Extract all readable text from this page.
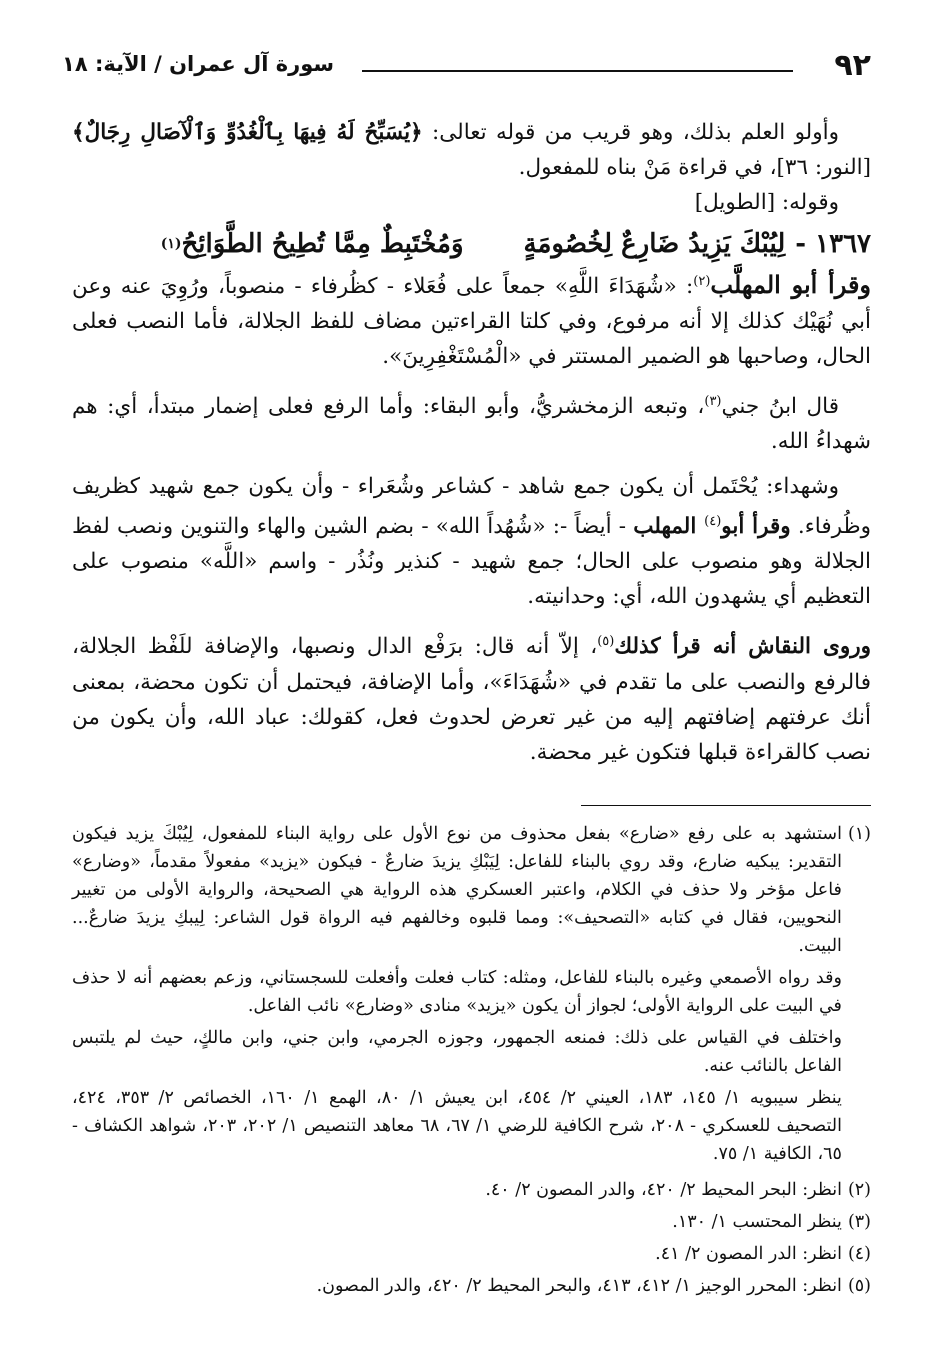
٩٢
سورة آل عمران / الآية: ١٨

وأولو العلم بذلك، وهو قريب من قوله تعالى: ﴿يُسَبِّحُ لَهُ فِيهَا بِٱلْغُدُوِّ وَٱلْآصَالِ رِجَالٌ﴾ [النور: ٣٦]، في قراءة مَنْ بناه للمفعول.

وقوله: [الطويل]

١٣٦٧ -
لِيُبْكَ يَزِيدُ ضَارِعٌ لِخُصُومَةٍ
وَمُخْتَبِطٌ مِمَّا تُطِيحُ الطَّوَائِحُ
(١)

وقرأ أبو المهلَّب$^{(٢)}$: «شُهَدَاءَ اللَّهِ» جمعاً على فُعَلاء - كظُرفاء - منصوباً، ورُوِيَ عنه وعن أبي نُهَيْك كذلك إلا أنه مرفوع، وفي كلتا القراءتين مضاف للفظ الجلالة، فأما النصب فعلى الحال، وصاحبها هو الضمير المستتر في «الْمُسْتَغْفِرِينَ».

قال ابنُ جني$^{(٣)}$، وتبعه الزمخشريُّ، وأبو البقاء: وأما الرفع فعلى إضمار مبتدأ، أي: هم شهداءُ الله.

وشهداء: يُحْتَمل أن يكون جمع شاهد - كشاعر وشُعَراء - وأن يكون جمع شهيد كظريف وظُرفاء. وقرأ أبو$^{(٤)}$ المهلب - أيضاً -: «شُهُداً الله» - بضم الشين والهاء والتنوين ونصب لفظ الجلالة وهو منصوب على الحال؛ جمع شهيد - كنذير ونُذُر - واسم «اللَّه» منصوب على التعظيم أي يشهدون الله، أي: وحدانيته.

وروى النقاش أنه قرأ كذلك$^{(٥)}$، إلاّ أنه قال: برَفْع الدال ونصبها، والإضافة للَفْظ الجلالة، فالرفع والنصب على ما تقدم في «شُهَدَاءَ»، وأما الإضافة، فيحتمل أن تكون محضة، بمعنى أنك عرفتهم إضافتهم إليه من غير تعرض لحدوث فعل، كقولك: عباد الله، وأن يكون من نصب كالقراءة قبلها فتكون غير محضة.

(١)

استشهد به على رفع «ضارع» بفعل محذوف من نوع الأول على رواية البناء للمفعول، لِيُبْكَ يزيد فيكون التقدير: يبكيه ضارع، وقد روي بالبناء للفاعل: لِيَبْكِ يزيدَ ضارعٌ - فيكون «يزيد» مفعولاً مقدماً، «وضارع» فاعل مؤخر ولا حذف في الكلام، واعتبر العسكري هذه الرواية هي الصحيحة، والرواية الأولى من تغيير النحويين، فقال في كتابه «التصحيف»: ومما قلبوه وخالفهم فيه الرواة قول الشاعر: لِيبكِ يزيدَ ضارعٌ... البيت.

وقد رواه الأصمعي وغيره بالبناء للفاعل، ومثله: كتاب فعلت وأفعلت للسجستاني، وزعم بعضهم أنه لا حذف في البيت على الرواية الأولى؛ لجواز أن يكون «يزيد» منادى «وضارع» نائب الفاعل.

واختلف في القياس على ذلك: فمنعه الجمهور، وجوزه الجرمي، وابن جني، وابن مالكٍ، حيث لم يلتبس الفاعل بالنائب عنه.

ينظر سيبويه ١/ ١٤٥، ١٨٣، العيني ٢/ ٤٥٤، ابن يعيش ١/ ٨٠، الهمع ١/ ١٦٠، الخصائص ٢/ ٣٥٣، ٤٢٤، التصحيف للعسكري - ٢٠٨، شرح الكافية للرضي ١/ ٦٧، ٦٨ معاهد التنصيص ١/ ٢٠٢، ٢٠٣، شواهد الكشاف - ٦٥، الكافية ١/ ٧٥.

(٢)
انظر: البحر المحيط ٢/ ٤٢٠، والدر المصون ٢/ ٤٠.
(٣)
ينظر المحتسب ١/ ١٣٠.
(٤)
انظر: الدر المصون ٢/ ٤١.
(٥)
انظر: المحرر الوجيز ١/ ٤١٢، ٤١٣، والبحر المحيط ٢/ ٤٢٠، والدر المصون.
